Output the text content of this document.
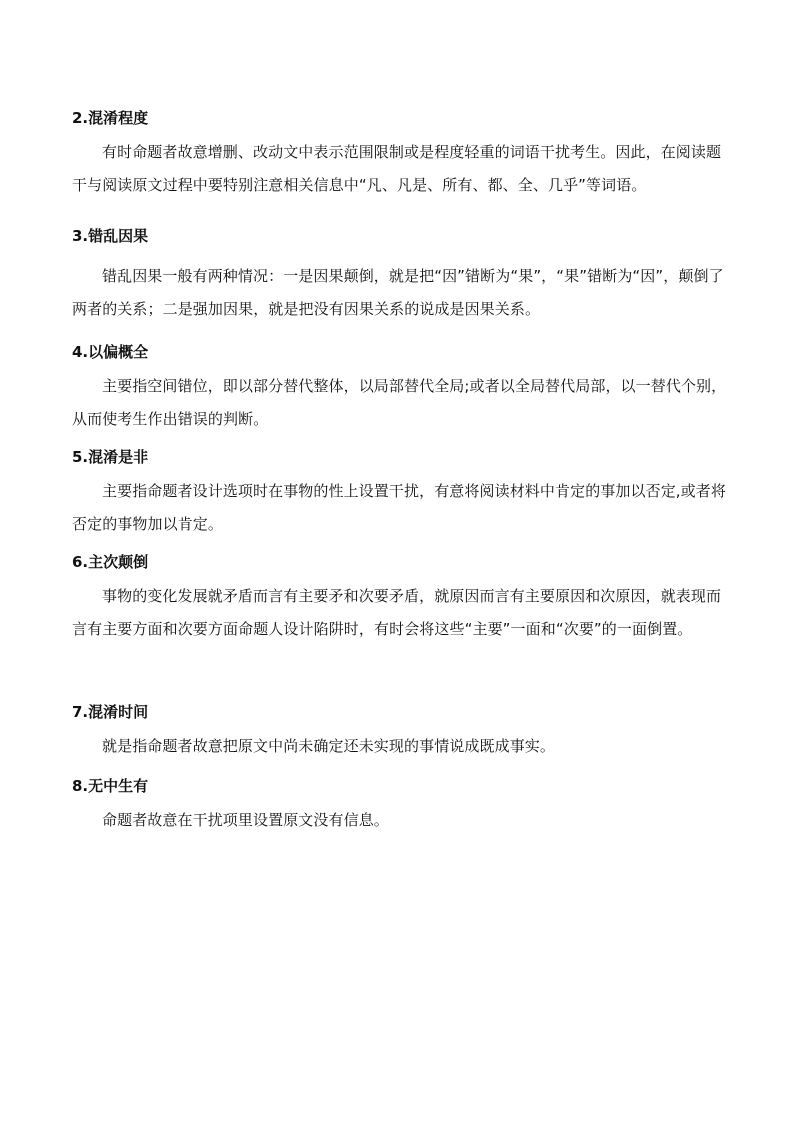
2.混淆程度

有时命题者故意增删、改动文中表示范围限制或是程度轻重的词语干扰考生。因此，在阅读题干与阅读原文过程中要特别注意相关信息中“凡、凡是、所有、都、全、几乎”等词语。

3.错乱因果

错乱因果一般有两种情况：一是因果颠倒，就是把“因”错断为“果”，“果”错断为“因”，颠倒了两者的关系；二是强加因果，就是把没有因果关系的说成是因果关系。

4.以偏概全

主要指空间错位，即以部分替代整体，以局部替代全局;或者以全局替代局部，以一替代个别，从而使考生作出错误的判断。

5.混淆是非

主要指命题者设计选项时在事物的性上设置干扰，有意将阅读材料中肯定的事加以否定,或者将否定的事物加以肯定。

6.主次颠倒

事物的变化发展就矛盾而言有主要矛和次要矛盾，就原因而言有主要原因和次原因，就表现而言有主要方面和次要方面命题人设计陷阱时，有时会将这些“主要”一面和“次要”的一面倒置。

7.混淆时间

就是指命题者故意把原文中尚未确定还未实现的事情说成既成事实。

8.无中生有

命题者故意在干扰项里设置原文没有信息。
